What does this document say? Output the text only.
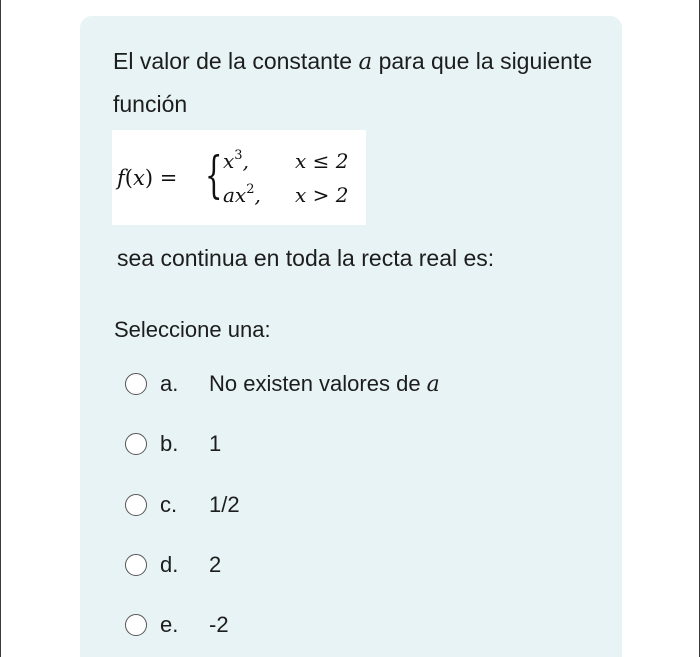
El valor de la constante a para que la siguiente función

f(x) = { $x^3$, x ≤ 2
$ax^2$, x > 2

sea continua en toda la recta real es:

Seleccione una:
a. No existen valores de a
b. 1
c. 1/2
d. 2
e. -2
